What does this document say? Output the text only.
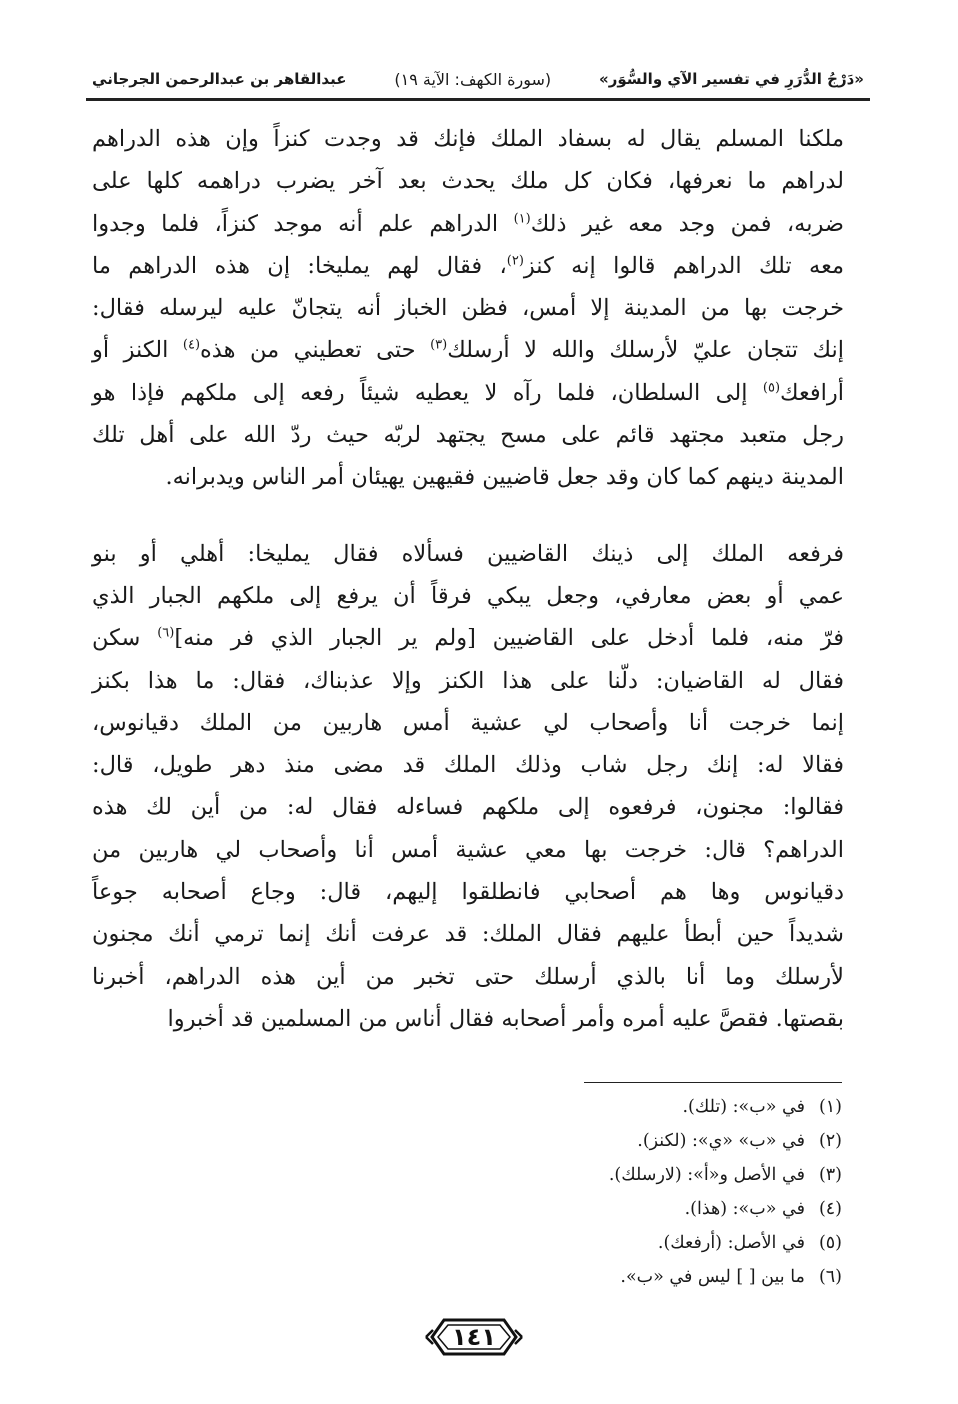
«دَرْجُ الدُّرَرِ في تفسير الآي والسُّوَر»
(سورة الكهف: الآية ١٩)
عبدالقاهر بن عبدالرحمن الجرجاني

ملكنا المسلم يقال له بسفاد الملك فإنك قد وجدت كنزاً وإن هذه الدراهم

لدراهم ما نعرفها، فكان كل ملك يحدث بعد آخر يضرب دراهمه كلها على

ضربه، فمن وجد معه غير ذلك$^{(١)}$ الدراهم علم أنه موجد كنزاً، فلما وجدوا

معه تلك الدراهم قالوا إنه كنز$^{(٢)}$، فقال لهم يمليخا: إن هذه الدراهم ما

خرجت بها من المدينة إلا أمس، فظن الخباز أنه يتجانّ عليه ليرسله فقال:

إنك تتجان عليّ لأرسلك والله لا أرسلك$^{(٣)}$ حتى تعطيني من هذه$^{(٤)}$ الكنز أو

أرافعك$^{(٥)}$ إلى السلطان، فلما رآه لا يعطيه شيئاً رفعه إلى ملكهم فإذا هو

رجل متعبد مجتهد قائم على مسح يجتهد لربّه حيث ردّ الله على أهل تلك

المدينة دينهم كما كان وقد جعل قاضيين فقيهين يهيئان أمر الناس ويدبرانه.

فرفعه الملك إلى ذينك القاضيين فسألاه فقال يمليخا: أهلي أو بنو

عمي أو بعض معارفي، وجعل يبكي فرقاً أن يرفع إلى ملكهم الجبار الذي

فرّ منه، فلما أدخل على القاضيين [ولم ير الجبار الذي فر منه]$^{(٦)}$ سكن

فقال له القاضيان: دلّنا على هذا الكنز وإلا عذبناك، فقال: ما هذا بكنز

إنما خرجت أنا وأصحاب لي عشية أمس هاربين من الملك دقيانوس،

فقالا له: إنك رجل شاب وذلك الملك قد مضى منذ دهر طويل، قال:

فقالوا: مجنون، فرفعوه إلى ملكهم فساءله فقال له: من أين لك هذه

الدراهم؟ قال: خرجت بها معي عشية أمس أنا وأصحاب لي هاربين من

دقيانوس وها هم أصحابي فانطلقوا إليهم، قال: وجاع أصحابه جوعاً

شديداً حين أبطأ عليهم فقال الملك: قد عرفت أنك إنما ترمي أنك مجنون

لأرسلك وما أنا بالذي أرسلك حتى تخبر من أين هذه الدراهم، أخبرنا

بقصتها. فقصَّ عليه أمره وأمر أصحابه فقال أناس من المسلمين قد أخبروا

(١)في «ب»: (تلك).
(٢)في «ب» «ي»: (لكنز).
(٣)في الأصل و«أ»: (لارسلك).
(٤)في «ب»: (هذا).
(٥)في الأصل: (أرفعك).
(٦)ما بين [ ] ليس في «ب».
١٤١
